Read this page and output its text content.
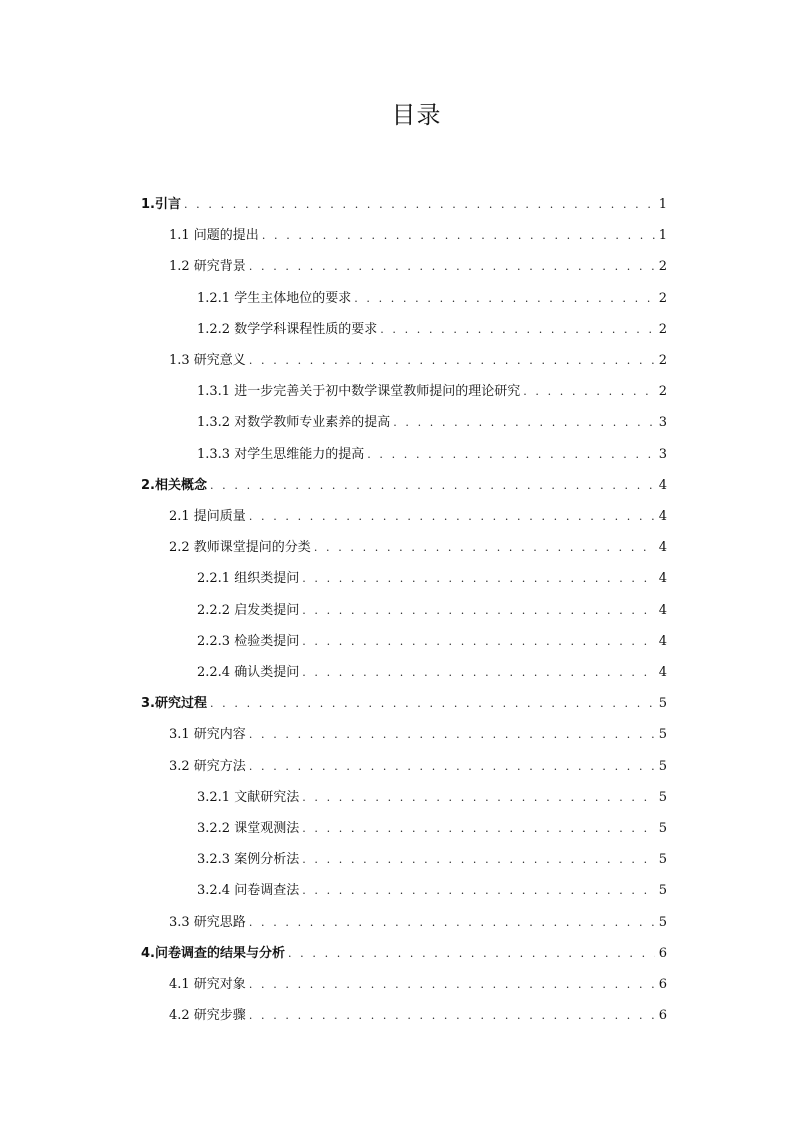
目录
1.引言 . . .	1
1.1 问题的提出 . . .	1
1.2 研究背景 . . .	2
1.2.1 学生主体地位的要求 . . .	2
1.2.2 数学学科课程性质的要求 . . .	2
1.3 研究意义 . . .	2
1.3.1 进一步完善关于初中数学课堂教师提问的理论研究 . . .	2
1.3.2 对数学教师专业素养的提高 . . .	3
1.3.3 对学生思维能力的提高 . . .	3
2.相关概念 . . .	4
2.1 提问质量 . . .	4
2.2 教师课堂提问的分类 . . .	4
2.2.1 组织类提问 . . .	4
2.2.2 启发类提问 . . .	4
2.2.3 检验类提问 . . .	4
2.2.4 确认类提问 . . .	4
3.研究过程 . . .	5
3.1 研究内容 . . .	5
3.2 研究方法 . . .	5
3.2.1 文献研究法 . . .	5
3.2.2 课堂观测法 . . .	5
3.2.3 案例分析法 . . .	5
3.2.4 问卷调查法 . . .	5
3.3 研究思路 . . .	5
4.问卷调查的结果与分析 . . .	6
4.1 研究对象 . . .	6
4.2 研究步骤 . . .	6
